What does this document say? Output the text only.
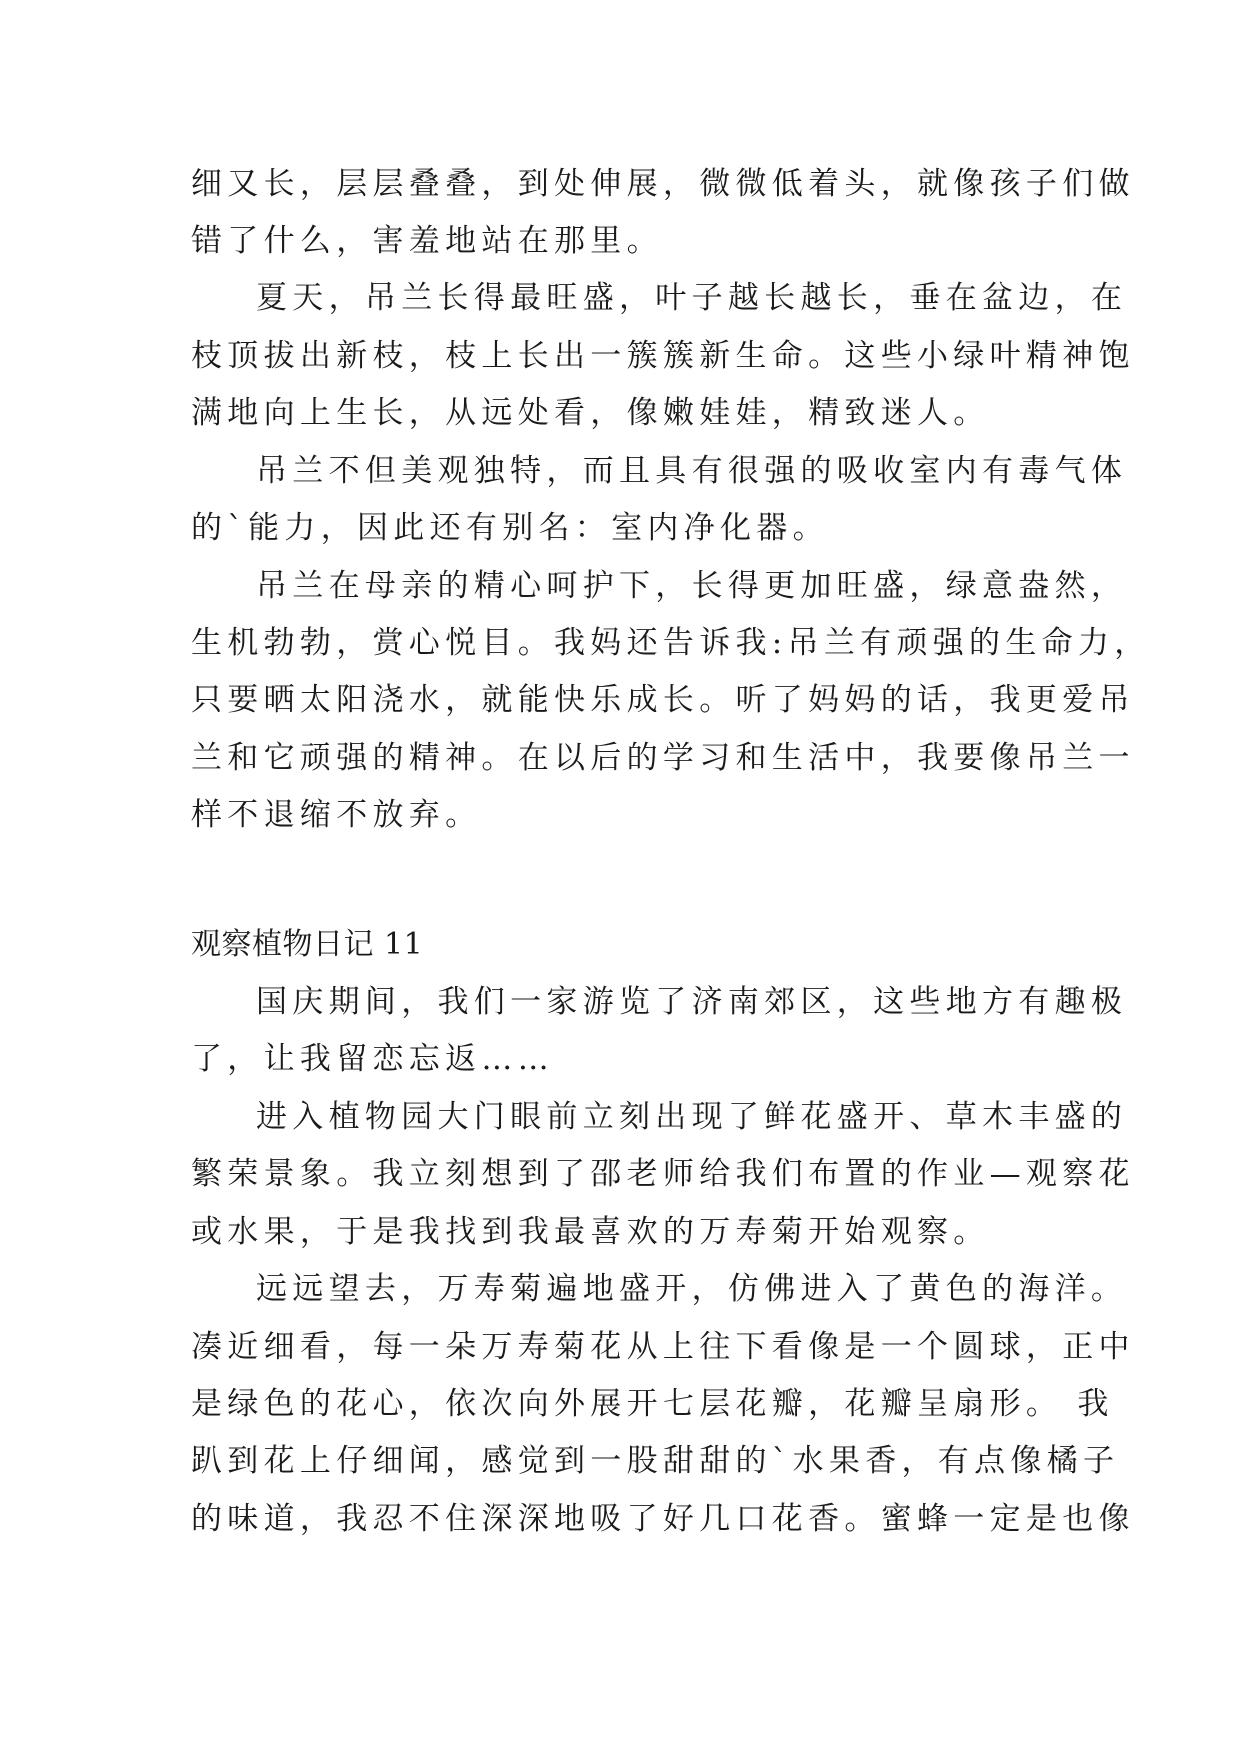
细又长，层层叠叠，到处伸展，微微低着头，就像孩子们做

错了什么，害羞地站在那里。

夏天，吊兰长得最旺盛，叶子越长越长，垂在盆边，在

枝顶拔出新枝，枝上长出一簇簇新生命。这些小绿叶精神饱

满地向上生长，从远处看，像嫩娃娃，精致迷人。

吊兰不但美观独特，而且具有很强的吸收室内有毒气体

的`能力，因此还有别名：室内净化器。

吊兰在母亲的精心呵护下，长得更加旺盛，绿意盎然，

生机勃勃，赏心悦目。我妈还告诉我:吊兰有顽强的生命力，

只要晒太阳浇水，就能快乐成长。听了妈妈的话，我更爱吊

兰和它顽强的精神。在以后的学习和生活中，我要像吊兰一

样不退缩不放弃。

观察植物日记 11

国庆期间，我们一家游览了济南郊区，这些地方有趣极

了，让我留恋忘返……

进入植物园大门眼前立刻出现了鲜花盛开、草木丰盛的

繁荣景象。我立刻想到了邵老师给我们布置的作业—观察花

或水果，于是我找到我最喜欢的万寿菊开始观察。

远远望去，万寿菊遍地盛开，仿佛进入了黄色的海洋。

凑近细看，每一朵万寿菊花从上往下看像是一个圆球，正中

是绿色的花心，依次向外展开七层花瓣，花瓣呈扇形。 我

趴到花上仔细闻，感觉到一股甜甜的`水果香，有点像橘子

的味道，我忍不住深深地吸了好几口花香。蜜蜂一定是也像
